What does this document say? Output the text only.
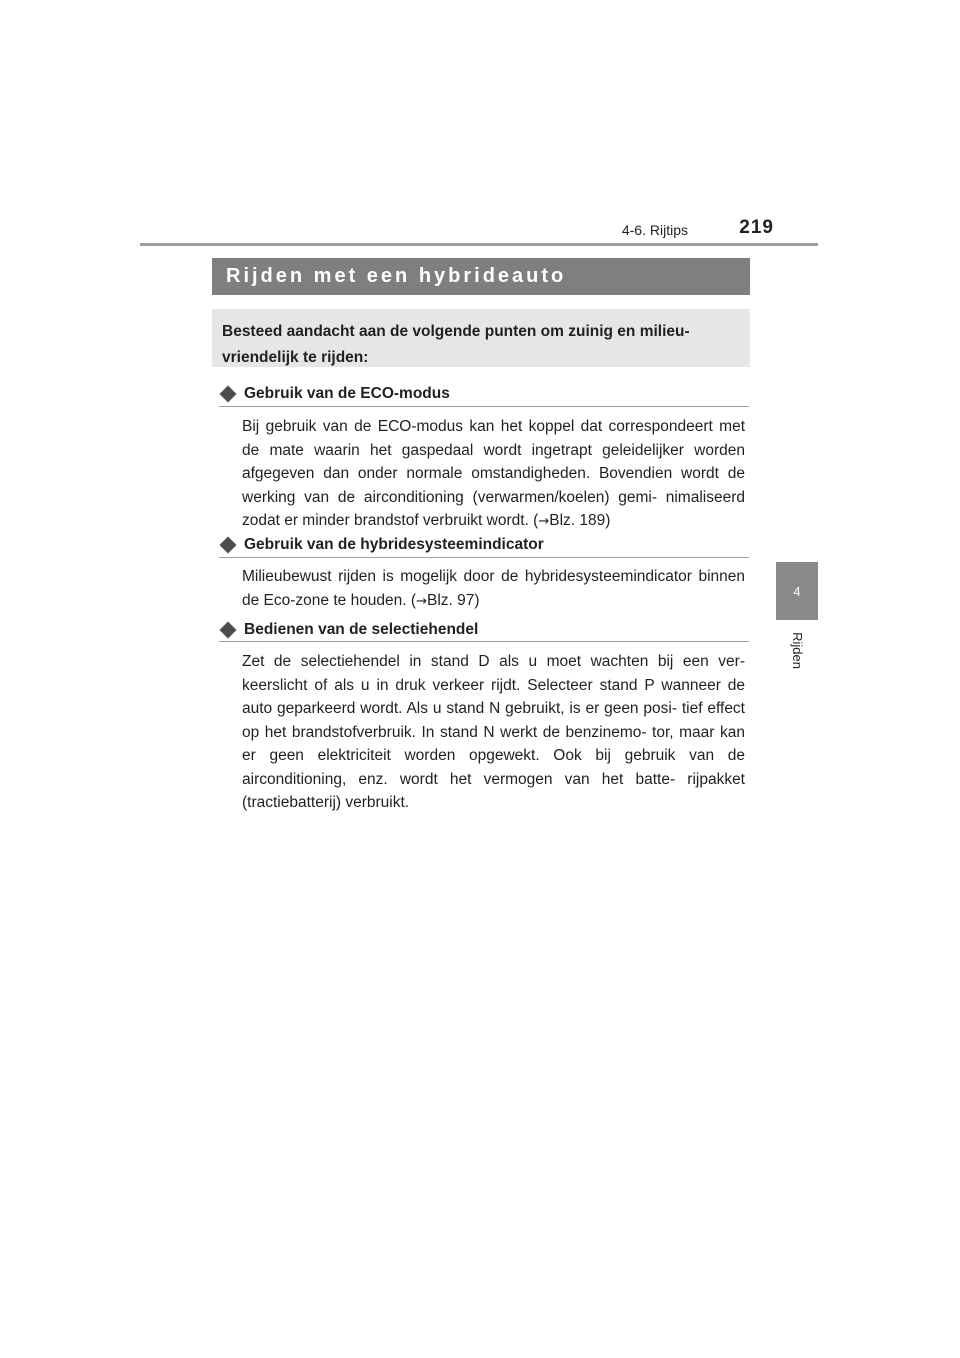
4-6. Rijtips	219
4
Rijden
Rijden met een hybrideauto
Besteed aandacht aan de volgende punten om zuinig en milieu- vriendelijk te rijden:
Gebruik van de ECO-modus
Bij gebruik van de ECO-modus kan het koppel dat correspondeert met de mate waarin het gaspedaal wordt ingetrapt geleidelijker worden afgegeven dan onder normale omstandigheden. Bovendien wordt de werking van de airconditioning (verwarmen/koelen) gemi- nimaliseerd zodat er minder brandstof verbruikt wordt. (→Blz. 189)
Gebruik van de hybridesysteemindicator
Milieubewust rijden is mogelijk door de hybridesysteemindicator binnen de Eco-zone te houden. (→Blz. 97)
Bedienen van de selectiehendel
Zet de selectiehendel in stand D als u moet wachten bij een ver- keerslicht of als u in druk verkeer rijdt. Selecteer stand P wanneer de auto geparkeerd wordt. Als u stand N gebruikt, is er geen posi- tief effect op het brandstofverbruik. In stand N werkt de benzinemo- tor, maar kan er geen elektriciteit worden opgewekt. Ook bij gebruik van de airconditioning, enz. wordt het vermogen van het batte- rijpakket (tractiebatterij) verbruikt.
